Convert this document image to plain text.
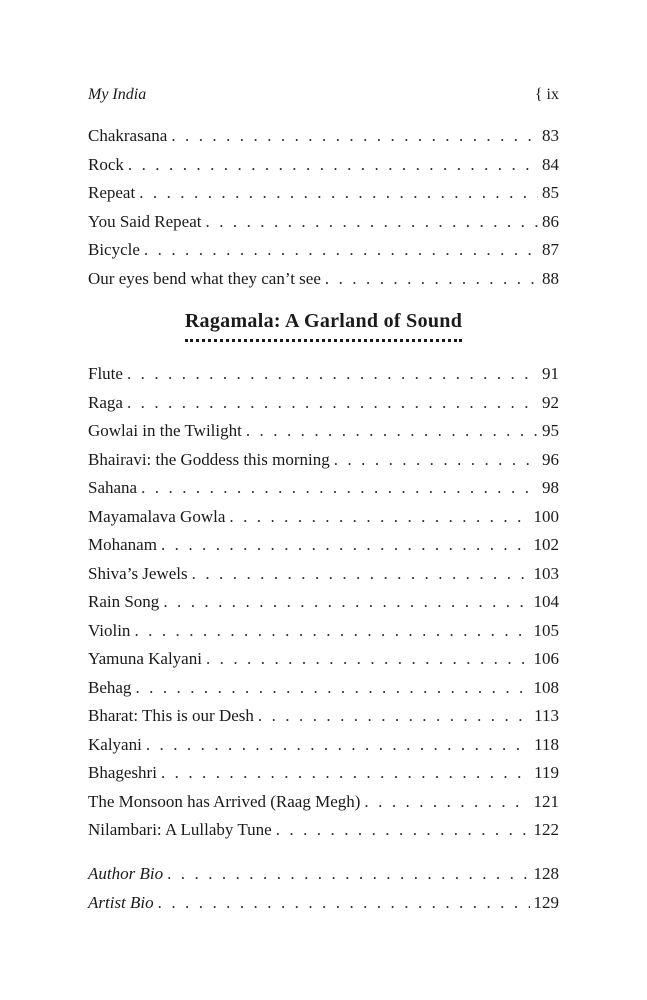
My India	{ ix
Chakrasana . . .	83
Rock . . .	84
Repeat . . .	85
You Said Repeat . . .	86
Bicycle . . .	87
Our eyes bend what they can’t see . . .	88
Ragamala: A Garland of Sound
Flute . . .	91
Raga . . .	92
Gowlai in the Twilight . . .	95
Bhairavi: the Goddess this morning . . .	96
Sahana . . .	98
Mayamalava Gowla . . .	100
Mohanam . . .	102
Shiva’s Jewels . . .	103
Rain Song . . .	104
Violin . . .	105
Yamuna Kalyani . . .	106
Behag . . .	108
Bharat: This is our Desh . . .	113
Kalyani . . .	118
Bhageshri . . .	119
The Monsoon has Arrived (Raag Megh) . . .	121
Nilambari: A Lullaby Tune . . .	122
Author Bio . . .	128
Artist Bio . . .	129
